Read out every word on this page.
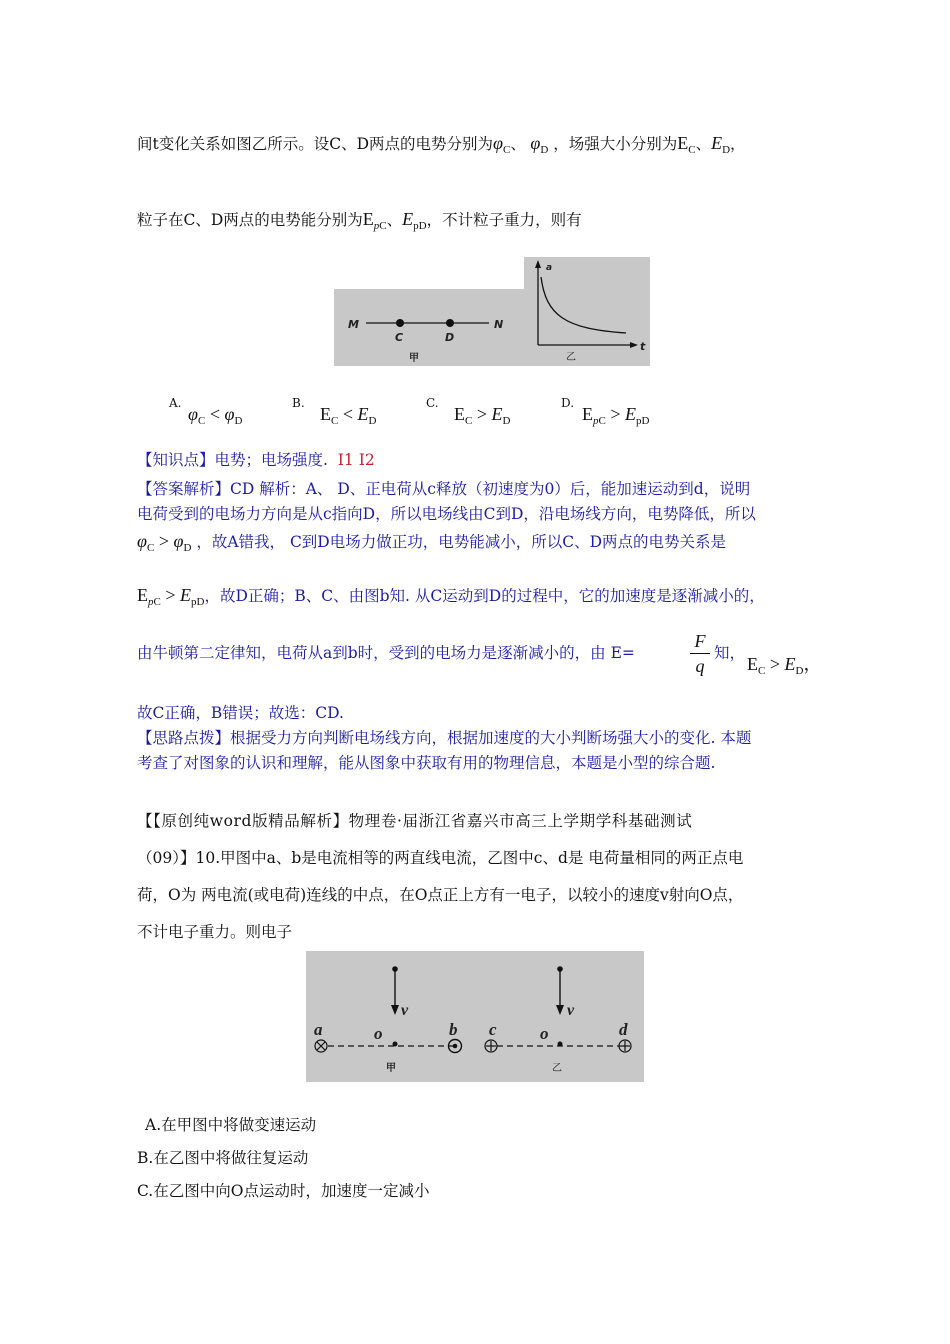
间t变化关系如图乙所示。设C、D两点的电势分别为$\varphi_C$、 $\varphi_D$ ，场强大小分别为$E_C$、$E_D$，
粒子在C、D两点的电势能分别为$E_{pC}$、$E_{pD}$，不计粒子重力，则有
M
C	D
N
甲
a
t
乙
A.
$\varphi_C < \varphi_D$
B.
$E_C < E_D$
C.
$E_C > E_D$
D.
$E_{pC} > E_{pD}$
【知识点】电势；电场强度. I1 I2
【答案解析】CD 解析：A、 D、正电荷从c释放（初速度为0）后，能加速运动到d，说明
电荷受到的电场力方向是从c指向D，所以电场线由C到D，沿电场线方向，电势降低，所以
$\varphi_C > \varphi_D$ ，故A错我， C到D电场力做正功，电势能减小，所以C、D两点的电势关系是
$E_{pC} > E_{pD}$，故D正确；B、C、由图b知. 从C运动到D的过程中，它的加速度是逐渐减小的，
由牛顿第二定律知，电荷从a到b时，受到的电场力是逐渐减小的，由 E=
F
q
知，
$E_C > E_D$，
故C正确，B错误；故选：CD.
【思路点拨】根据受力方向判断电场线方向，根据加速度的大小判断场强大小的变化. 本题
考查了对图象的认识和理解，能从图象中获取有用的物理信息，本题是小型的综合题.
【【原创纯word版精品解析】物理卷·届浙江省嘉兴市高三上学期学科基础测试
（09）】10.甲图中a、b是电流相等的两直线电流，乙图中c、d是 电荷量相同的两正点电
荷，O为 两电流(或电荷)连线的中点，在O点正上方有一电子，以较小的速度v射向O点，
不计电子重力。则电子
a	o	b
v
甲
c	o	d
v
乙
A.在甲图中将做变速运动
B.在乙图中将做往复运动
C.在乙图中向O点运动时，加速度一定减小
